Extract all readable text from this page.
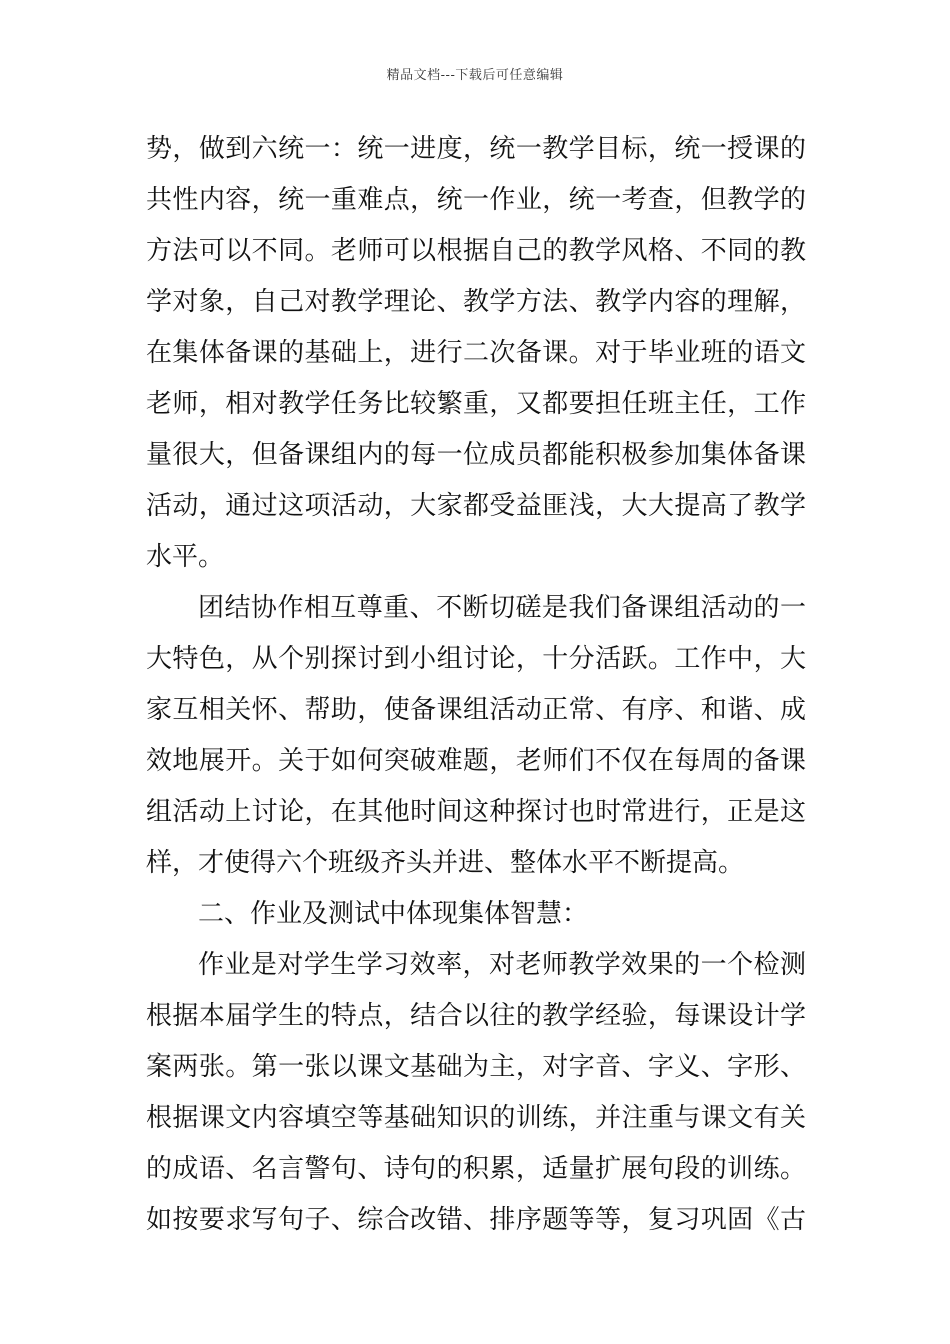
精品文档---下载后可任意编辑
势，做到六统一：统一进度，统一教学目标，统一授课的
共性内容，统一重难点，统一作业，统一考查，但教学的
方法可以不同。老师可以根据自己的教学风格、不同的教
学对象，自己对教学理论、教学方法、教学内容的理解，
在集体备课的基础上，进行二次备课。对于毕业班的语文
老师，相对教学任务比较繁重，又都要担任班主任，工作
量很大，但备课组内的每一位成员都能积极参加集体备课
活动，通过这项活动，大家都受益匪浅，大大提高了教学
水平。
团结协作相互尊重、不断切磋是我们备课组活动的一
大特色，从个别探讨到小组讨论，十分活跃。工作中，大
家互相关怀、帮助，使备课组活动正常、有序、和谐、成
效地展开。关于如何突破难题，老师们不仅在每周的备课
组活动上讨论，在其他时间这种探讨也时常进行，正是这
样，才使得六个班级齐头并进、整体水平不断提高。
二、作业及测试中体现集体智慧：
作业是对学生学习效率，对老师教学效果的一个检测
根据本届学生的特点，结合以往的教学经验，每课设计学
案两张。第一张以课文基础为主，对字音、字义、字形、
根据课文内容填空等基础知识的训练，并注重与课文有关
的成语、名言警句、诗句的积累，适量扩展句段的训练。
如按要求写句子、综合改错、排序题等等，复习巩固《古
